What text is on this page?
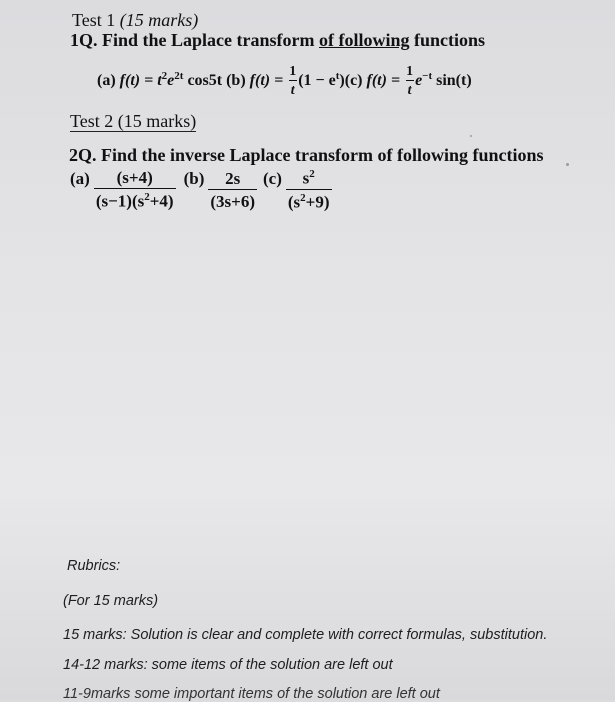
Test 1 (15 marks)
1Q. Find the Laplace transform of following functions
(a) $f(t) = t^2e^{2t}$ cos5t (b) $f(t) = \frac{1}{t} (1 - e^t)(c) f(t) = \frac{1}{t} e^{-t}$ sin(t)
Test 2 (15 marks)
2Q. Find the inverse Laplace transform of following functions
$(a) \frac{(s+4)}{(s-1)(s^2+4)} (b) \frac{2s}{(3s+6)} (c) \frac{s^2}{(s^2+9)}$
Rubrics:
(For 15 marks)
15 marks: Solution is clear and complete with correct formulas, substitution.
14-12 marks: some items of the solution are left out
11-9marks some important items of the solution are left out
